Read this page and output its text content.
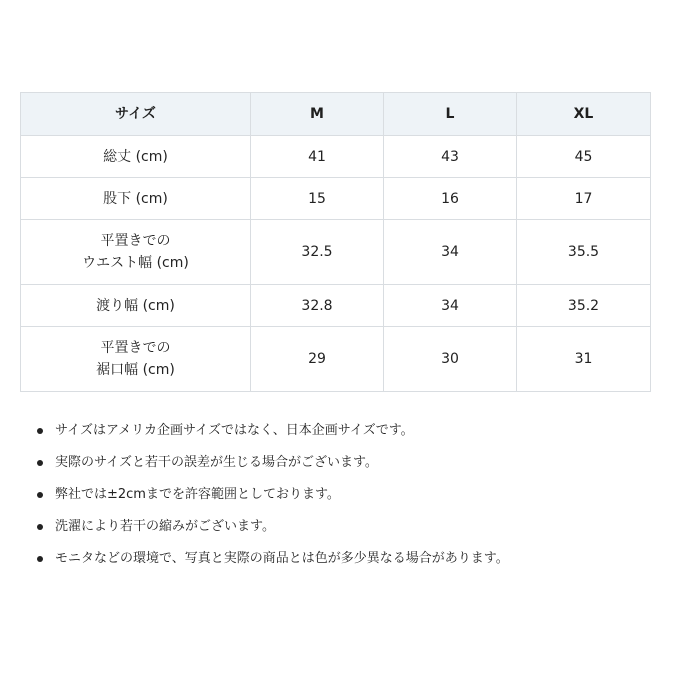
サイズ	M	L	XL

総丈 (cm)	41	43	45

股下 (cm)	15	16	17

平置きでの
ウエスト幅 (cm)	32.5	34	35.5

渡り幅 (cm)	32.8	34	35.2

平置きでの
裾口幅 (cm)	29	30	31
サイズはアメリカ企画サイズではなく、日本企画サイズです。
実際のサイズと若干の誤差が生じる場合がございます。
弊社では±2cmまでを許容範囲としております。
洗濯により若干の縮みがございます。
モニタなどの環境で、写真と実際の商品とは色が多少異なる場合があります。
